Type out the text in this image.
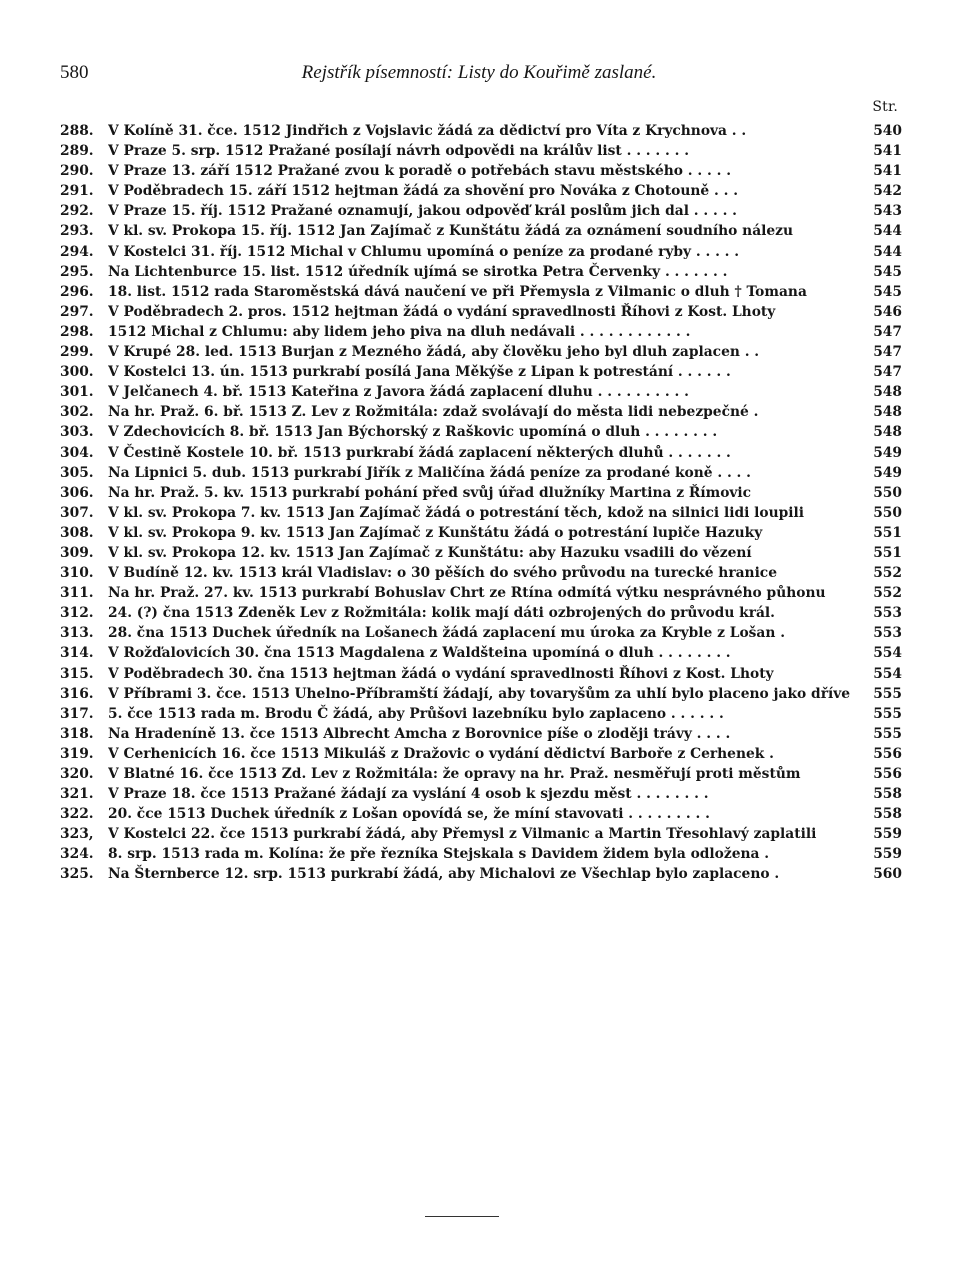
580	Rejstřík písemností: Listy do Kouřimě zaslané.
Str.
288.	V Kolíně 31. čce. 1512 Jindřich z Vojslavic žádá za dědictví pro Víta z Krychnova . .	540
289.	V Praze 5. srp. 1512 Pražané posílají návrh odpovědi na králův list . . . . . . .	541
290.	V Praze 13. září 1512 Pražané zvou k poradě o potřebách stavu městského . . . . .	541
291.	V Poděbradech 15. září 1512 hejtman žádá za shovění pro Nováka z Chotouně . . .	542
292.	V Praze 15. říj. 1512 Pražané oznamují, jakou odpověď král poslům jich dal . . . . .	543
293.	V kl. sv. Prokopa 15. říj. 1512 Jan Zajímač z Kunštátu žádá za oznámení soudního nálezu	544
294.	V Kostelci 31. říj. 1512 Michal v Chlumu upomíná o peníze za prodané ryby . . . . .	544
295.	Na Lichtenburce 15. list. 1512 úředník ujímá se sirotka Petra Červenky . . . . . . .	545
296.	18. list. 1512 rada Staroměstská dává naučení ve při Přemysla z Vilmanic o dluh † Tomana	545
297.	V Poděbradech 2. pros. 1512 hejtman žádá o vydání spravedlnosti Říhovi z Kost. Lhoty	546
298.	1512 Michal z Chlumu: aby lidem jeho piva na dluh nedávali . . . . . . . . . . . .	547
299.	V Krupé 28. led. 1513 Burjan z Mezného žádá, aby člověku jeho byl dluh zaplacen . .	547
300.	V Kostelci 13. ún. 1513 purkrabí posílá Jana Měkýše z Lipan k potrestání . . . . . .	547
301.	V Jelčanech 4. bř. 1513 Kateřina z Javora žádá zaplacení dluhu . . . . . . . . . .	548
302.	Na hr. Praž. 6. bř. 1513 Z. Lev z Rožmitála: zdaž svolávají do města lidi nebezpečné .	548
303.	V Zdechovicích 8. bř. 1513 Jan Býchorský z Raškovic upomíná o dluh . . . . . . . .	548
304.	V Čestině Kostele 10. bř. 1513 purkrabí žádá zaplacení některých dluhů . . . . . . .	549
305.	Na Lipnici 5. dub. 1513 purkrabí Jiřík z Maličína žádá peníze za prodané koně . . . .	549
306.	Na hr. Praž. 5. kv. 1513 purkrabí pohání před svůj úřad dlužníky Martina z Římovic	550
307.	V kl. sv. Prokopa 7. kv. 1513 Jan Zajímač žádá o potrestání těch, kdož na silnici lidi loupili	550
308.	V kl. sv. Prokopa 9. kv. 1513 Jan Zajímač z Kunštátu žádá o potrestání lupiče Hazuky	551
309.	V kl. sv. Prokopa 12. kv. 1513 Jan Zajímač z Kunštátu: aby Hazuku vsadili do vězení	551
310.	V Budíně 12. kv. 1513 král Vladislav: o 30 pěších do svého průvodu na turecké hranice	552
311.	Na hr. Praž. 27. kv. 1513 purkrabí Bohuslav Chrt ze Rtína odmítá výtku nesprávného půhonu	552
312.	24. (?) čna 1513 Zdeněk Lev z Rožmitála: kolik mají dáti ozbrojených do průvodu král.	553
313.	28. čna 1513 Duchek úředník na Lošanech žádá zaplacení mu úroka za Kryble z Lošan .	553
314.	V Rožďalovicích 30. čna 1513 Magdalena z Waldšteina upomíná o dluh . . . . . . . .	554
315.	V Poděbradech 30. čna 1513 hejtman žádá o vydání spravedlnosti Říhovi z Kost. Lhoty	554
316.	V Příbrami 3. čce. 1513 Uhelno-Příbramští žádají, aby tovaryšům za uhlí bylo placeno jako dříve	555
317.	5. čce 1513 rada m. Brodu Č žádá, aby Průšovi lazebníku bylo zaplaceno . . . . . .	555
318.	Na Hradeníně 13. čce 1513 Albrecht Amcha z Borovnice píše o zloději trávy . . . .	555
319.	V Cerhenicích 16. čce 1513 Mikuláš z Dražovic o vydání dědictví Barboře z Cerhenek .	556
320.	V Blatné 16. čce 1513 Zd. Lev z Rožmitála: že opravy na hr. Praž. nesměřují proti městům	556
321.	V Praze 18. čce 1513 Pražané žádají za vyslání 4 osob k sjezdu měst . . . . . . . .	558
322.	20. čce 1513 Duchek úředník z Lošan opovídá se, že míní stavovati . . . . . . . . .	558
323,	V Kostelci 22. čce 1513 purkrabí žádá, aby Přemysl z Vilmanic a Martin Třesohlavý zaplatili	559
324.	8. srp. 1513 rada m. Kolína: že pře řezníka Stejskala s Davidem židem byla odložena .	559
325.	Na Šternberce 12. srp. 1513 purkrabí žádá, aby Michalovi ze Všechlap bylo zaplaceno .	560
